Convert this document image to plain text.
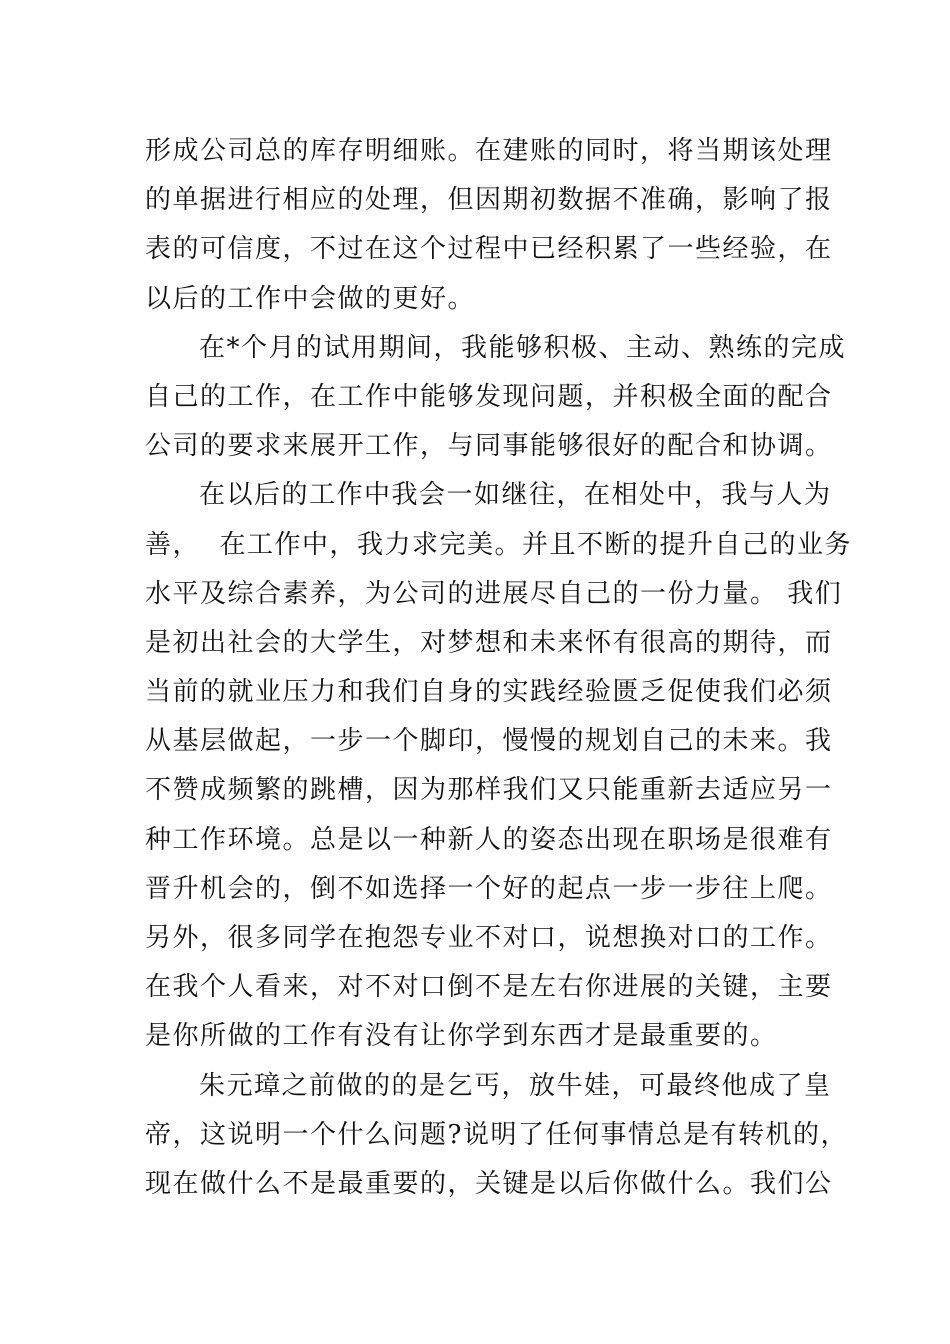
形成公司总的库存明细账。在建账的同时，将当期该处理
的单据进行相应的处理，但因期初数据不准确，影响了报
表的可信度，不过在这个过程中已经积累了一些经验，在
以后的工作中会做的更好。
在*个月的试用期间，我能够积极、主动、熟练的完成
自己的工作，在工作中能够发现问题，并积极全面的配合
公司的要求来展开工作，与同事能够很好的配合和协调。
在以后的工作中我会一如继往，在相处中，我与人为
善，  在工作中，我力求完美。并且不断的提升自己的业务
水平及综合素养，为公司的进展尽自己的一份力量。 我们
是初出社会的大学生，对梦想和未来怀有很高的期待，而
当前的就业压力和我们自身的实践经验匮乏促使我们必须
从基层做起，一步一个脚印，慢慢的规划自己的未来。我
不赞成频繁的跳槽，因为那样我们又只能重新去适应另一
种工作环境。总是以一种新人的姿态出现在职场是很难有
晋升机会的，倒不如选择一个好的起点一步一步往上爬。
另外，很多同学在抱怨专业不对口，说想换对口的工作。
在我个人看来，对不对口倒不是左右你进展的关键，主要
是你所做的工作有没有让你学到东西才是最重要的。
朱元璋之前做的的是乞丐，放牛娃，可最终他成了皇
帝，这说明一个什么问题?说明了任何事情总是有转机的，
现在做什么不是最重要的，关键是以后你做什么。我们公
